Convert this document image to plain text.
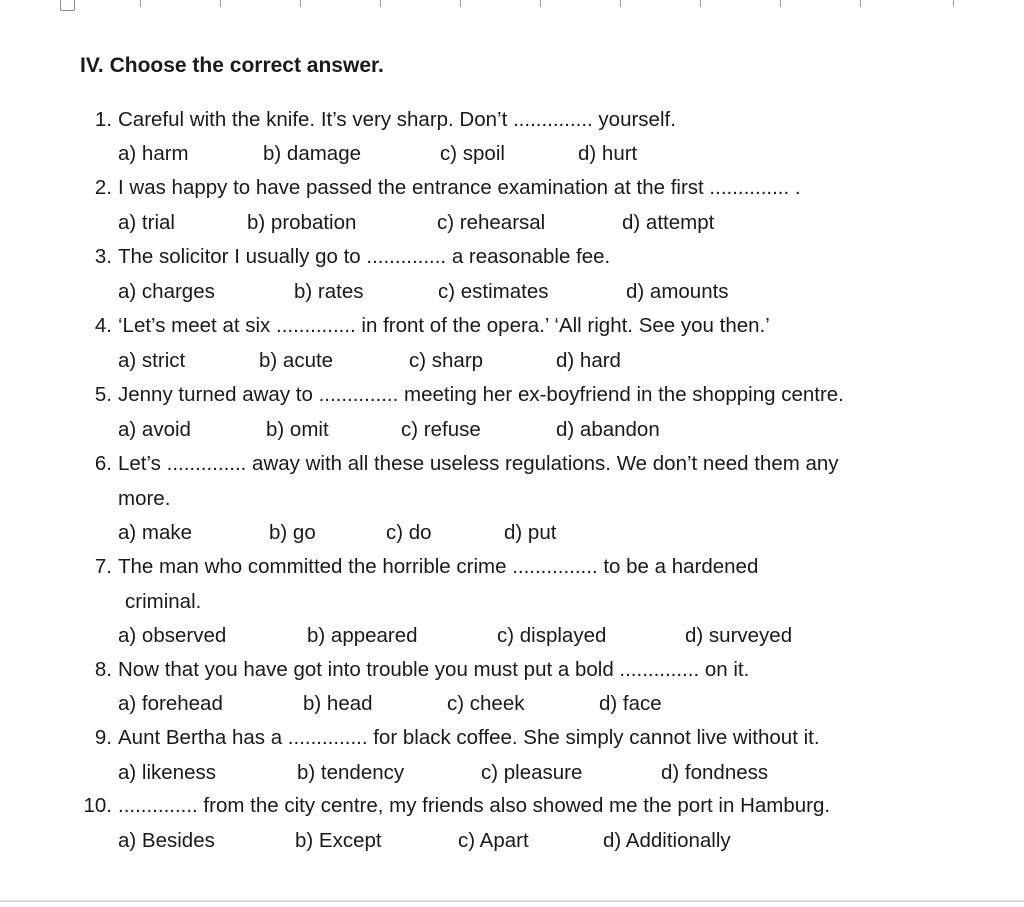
IV. Choose the correct answer.
1. Careful with the knife. It’s very sharp. Don’t .............. yourself.
a) harm	b) damage	c) spoil	d) hurt
2. I was happy to have passed the entrance examination at the first .............. .
a) trial	b) probation	c) rehearsal	d) attempt
3. The solicitor I usually go to .............. a reasonable fee.
a) charges	b) rates	c) estimates	d) amounts
4. ‘Let’s meet at six .............. in front of the opera.’ ‘All right. See you then.’
a) strict	b) acute	c) sharp	d) hard
5. Jenny turned away to .............. meeting her ex-boyfriend in the shopping centre.
a) avoid	b) omit	c) refuse	d) abandon
6. Let’s .............. away with all these useless regulations. We don’t need them any
more.
a) make	b) go	c) do	d) put
7. The man who committed the horrible crime ............... to be a hardened
criminal.
a) observed	b) appeared	c) displayed	d) surveyed
8. Now that you have got into trouble you must put a bold .............. on it.
a) forehead	b) head	c) cheek	d) face
9. Aunt Bertha has a .............. for black coffee. She simply cannot live without it.
a) likeness	b) tendency	c) pleasure	d) fondness
10. .............. from the city centre, my friends also showed me the port in Hamburg.
a) Besides	b) Except	c) Apart	d) Additionally
